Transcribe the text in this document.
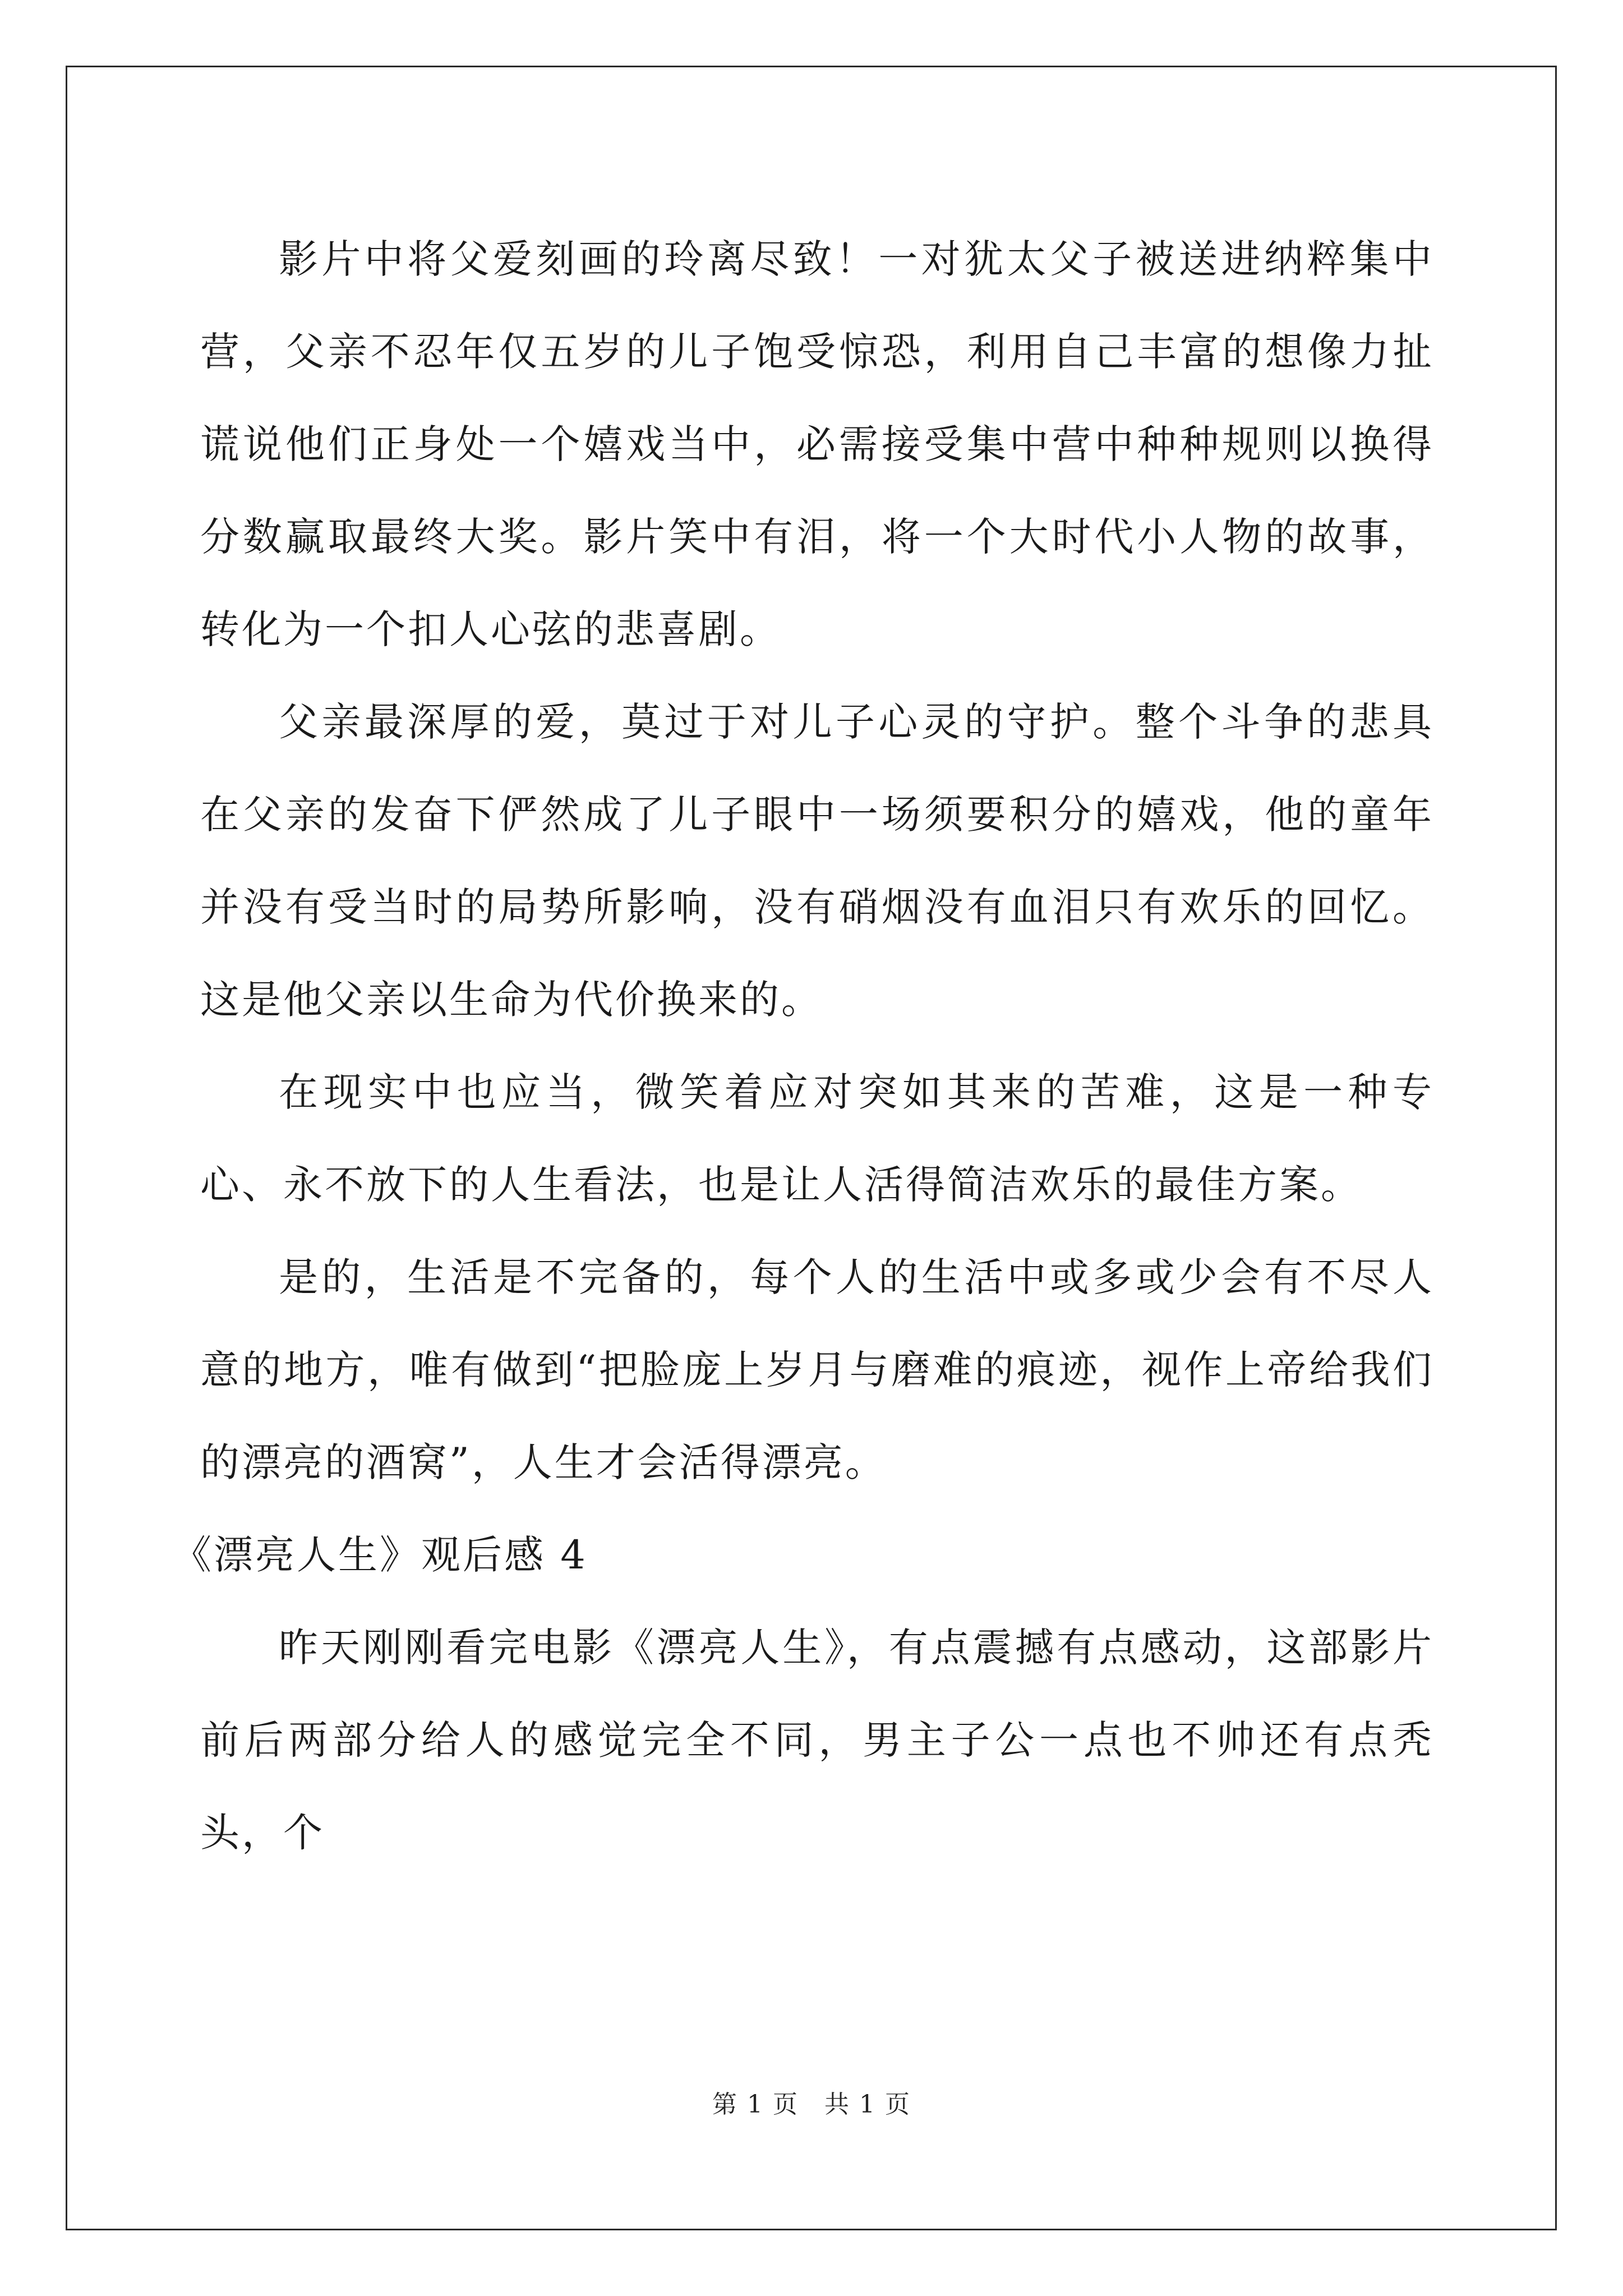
影片中将父爱刻画的玲离尽致！一对犹太父子被送进纳粹集中营，父亲不忍年仅五岁的儿子饱受惊恐，利用自己丰富的想像力扯谎说他们正身处一个嬉戏当中，必需接受集中营中种种规则以换得分数赢取最终大奖。影片笑中有泪，将一个大时代小人物的故事，转化为一个扣人心弦的悲喜剧。

父亲最深厚的爱，莫过于对儿子心灵的守护。整个斗争的悲具在父亲的发奋下俨然成了儿子眼中一场须要积分的嬉戏，他的童年并没有受当时的局势所影响，没有硝烟没有血泪只有欢乐的回忆。这是他父亲以生命为代价换来的。

在现实中也应当，微笑着应对突如其来的苦难，这是一种专心、永不放下的人生看法，也是让人活得简洁欢乐的最佳方案。

是的，生活是不完备的，每个人的生活中或多或少会有不尽人意的地方，唯有做到“把脸庞上岁月与磨难的痕迹，视作上帝给我们的漂亮的酒窝”，人生才会活得漂亮。

《漂亮人生》观后感 4

昨天刚刚看完电影《漂亮人生》，有点震撼有点感动，这部影片前后两部分给人的感觉完全不同，男主子公一点也不帅还有点秃头，个

第 1 页　共 1 页
